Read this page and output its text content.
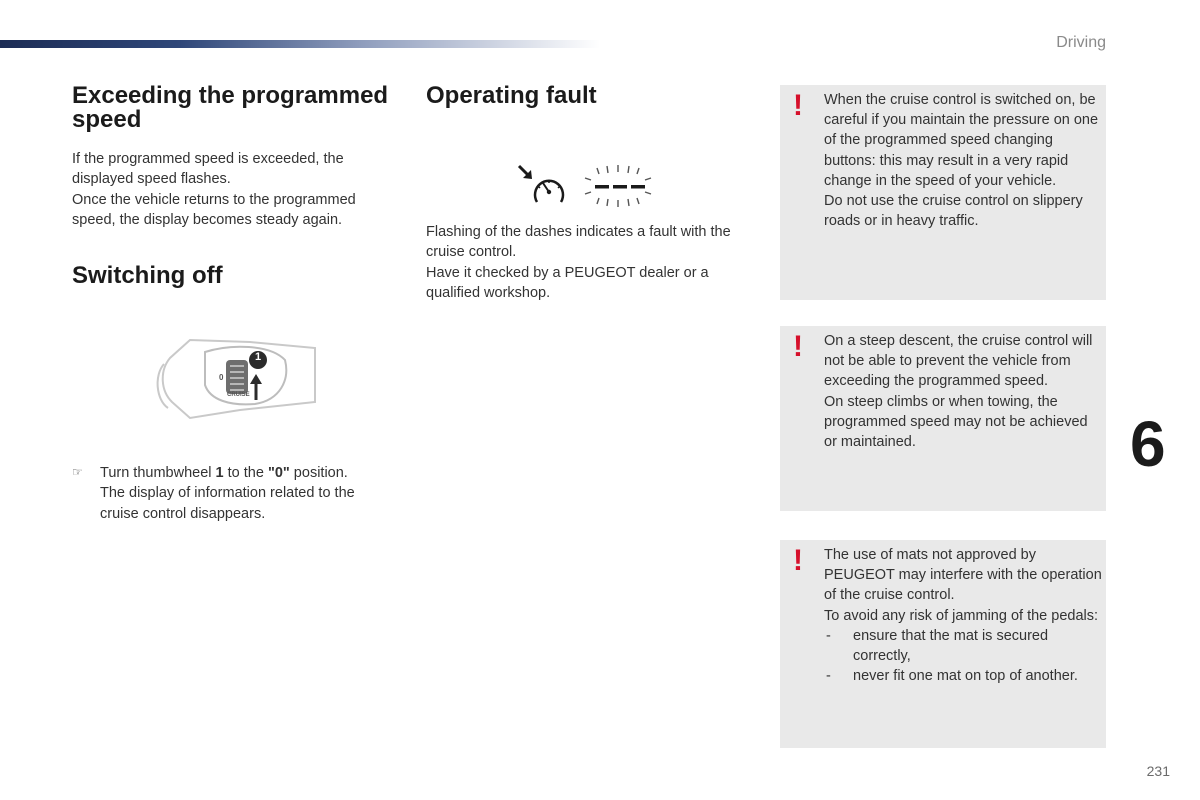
Driving
Exceeding the programmed speed

If the programmed speed is exceeded, the displayed speed flashes.

Once the vehicle returns to the programmed speed, the display becomes steady again.

Switching off
1
0
CRUISE
☞ Turn thumbwheel 1 to the "0" position.
The display of information related to the cruise control disappears.
Operating fault

Flashing of the dashes indicates a fault with the cruise control.

Have it checked by a PEUGEOT dealer or a qualified workshop.

! When the cruise control is switched on, be careful if you maintain the pressure on one of the programmed speed changing buttons: this may result in a very rapid change in the speed of your vehicle.
Do not use the cruise control on slippery roads or in heavy traffic.
! On a steep descent, the cruise control will not be able to prevent the vehicle from exceeding the programmed speed.
On steep climbs or when towing, the programmed speed may not be achieved or maintained.
! The use of mats not approved by PEUGEOT may interfere with the operation of the cruise control.
To avoid any risk of jamming of the pedals:
- ensure that the mat is secured correctly,
- never fit one mat on top of another.
6
231
